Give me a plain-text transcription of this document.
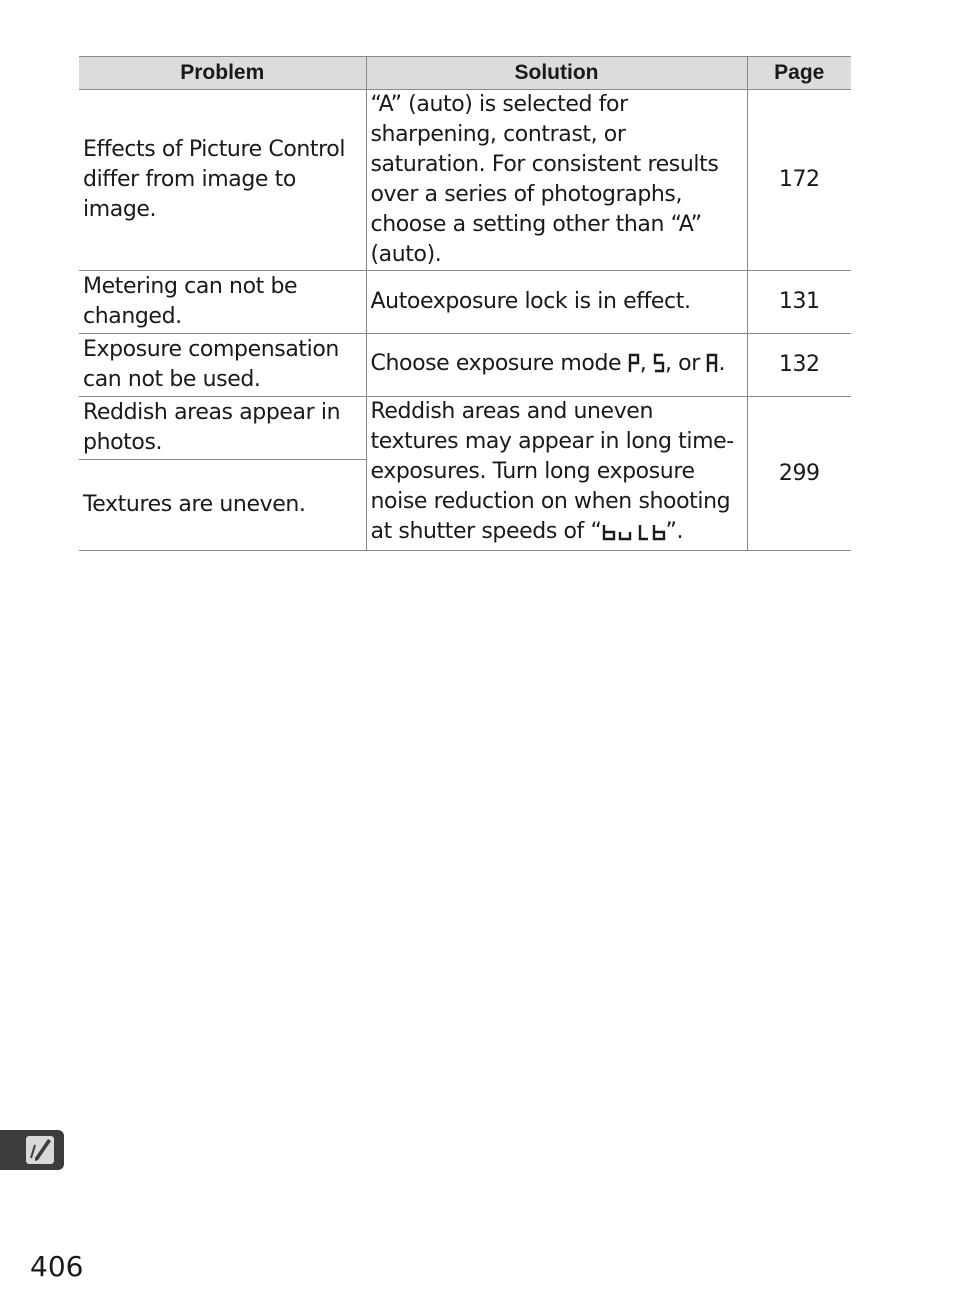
Problem	Solution	Page
Effects of Picture Control differ from image to image.	“A” (auto) is selected for sharpening, contrast, or saturation. For consistent results over a series of photographs, choose a setting other than “A” (auto).	172
Metering can not be changed.	Autoexposure lock is in effect.	131
Exposure compensation can not be used.	Choose exposure mode , , or .	132
Reddish areas appear in photos.	Reddish areas and uneven textures may appear in long time-exposures. Turn long exposure noise reduction on when shooting at shutter speeds of “ ”.	299
Textures are uneven.		
406
